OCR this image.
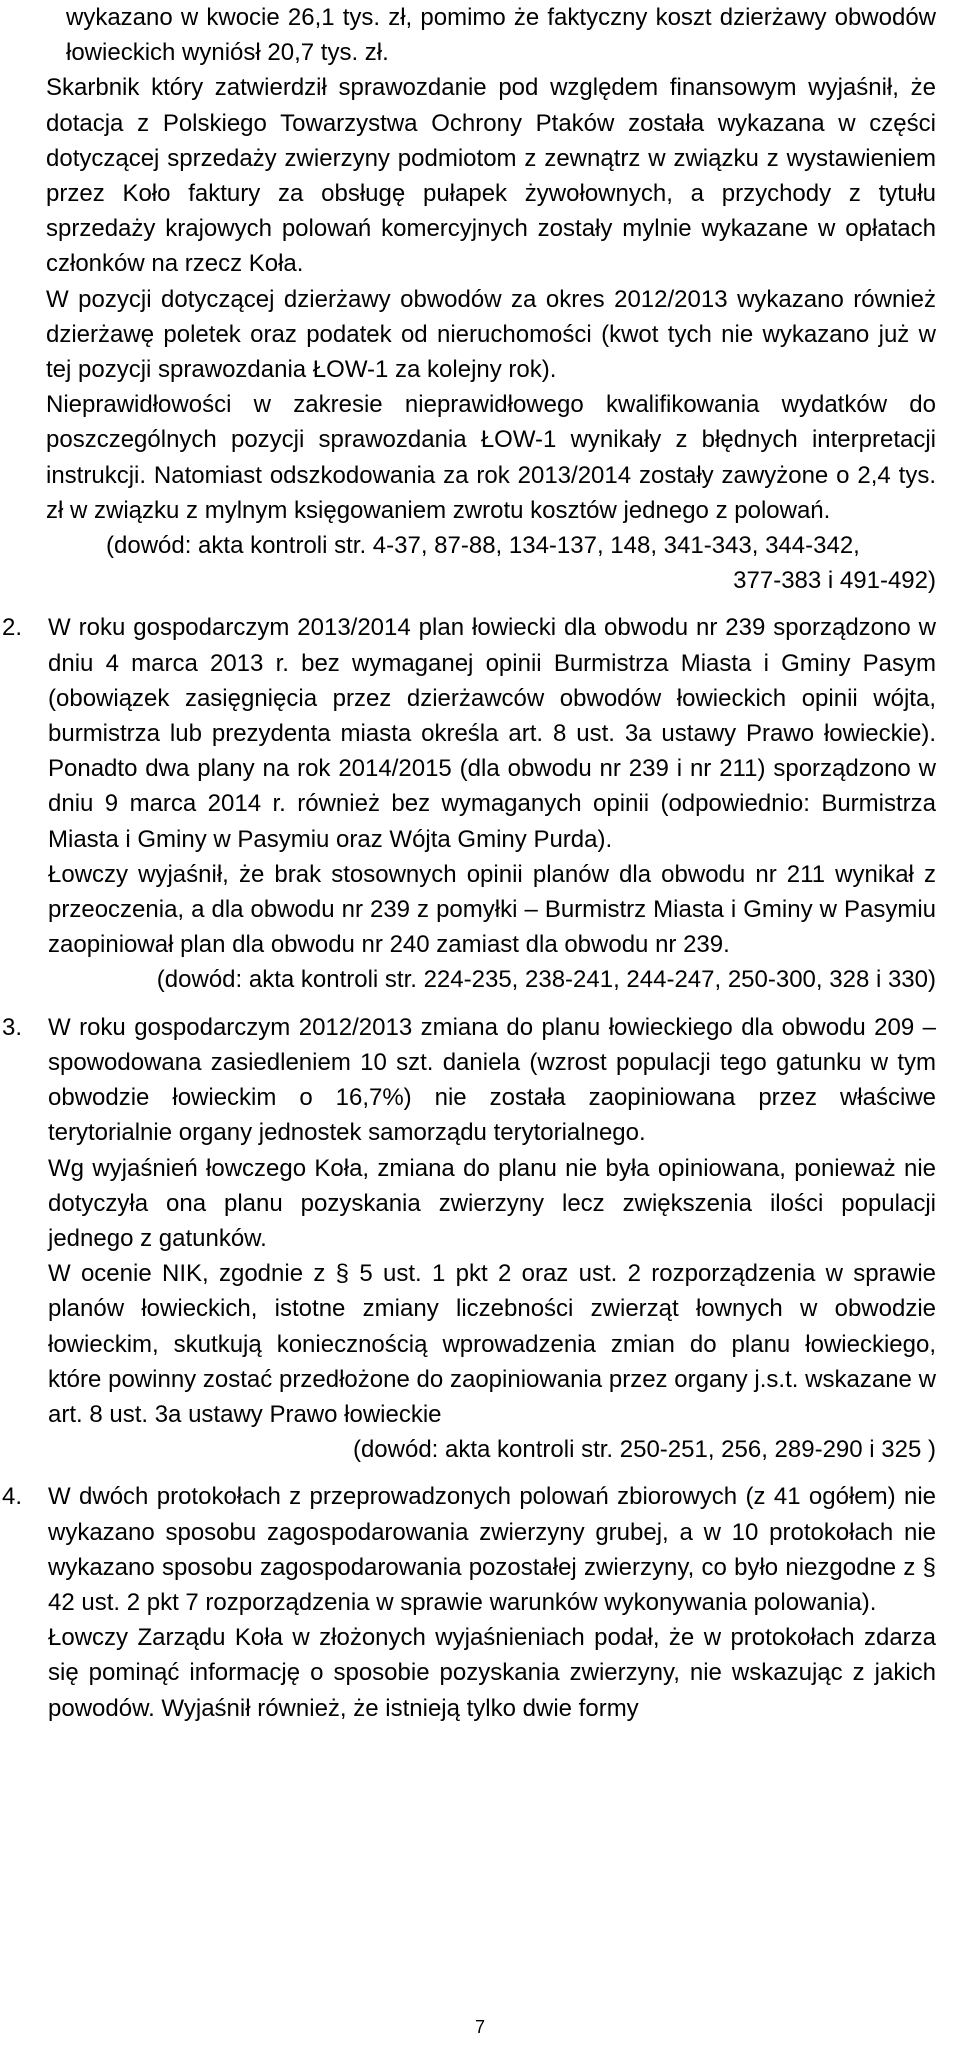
wykazano w kwocie 26,1 tys. zł, pomimo że faktyczny koszt dzierżawy obwodów łowieckich wyniósł 20,7 tys. zł.

Skarbnik który zatwierdził sprawozdanie pod względem finansowym wyjaśnił, że dotacja z Polskiego Towarzystwa Ochrony Ptaków została wykazana w części dotyczącej sprzedaży zwierzyny podmiotom z zewnątrz w związku z wystawieniem przez Koło faktury za obsługę pułapek żywołownych, a przychody z tytułu sprzedaży krajowych polowań komercyjnych zostały mylnie wykazane w opłatach członków na rzecz Koła.

W pozycji dotyczącej dzierżawy obwodów za okres 2012/2013 wykazano również dzierżawę poletek oraz podatek od nieruchomości (kwot tych nie wykazano już w tej pozycji sprawozdania ŁOW-1 za kolejny rok).

Nieprawidłowości w zakresie nieprawidłowego kwalifikowania wydatków do poszczególnych pozycji sprawozdania ŁOW-1 wynikały z błędnych interpretacji instrukcji. Natomiast odszkodowania za rok 2013/2014 zostały zawyżone o 2,4 tys. zł w związku z mylnym księgowaniem zwrotu kosztów jednego z polowań.

(dowód: akta kontroli str. 4-37, 87-88, 134-137, 148, 341-343, 344-342,

377-383 i 491-492)

2. W roku gospodarczym 2013/2014 plan łowiecki dla obwodu nr 239 sporządzono w dniu 4 marca 2013 r. bez wymaganej opinii Burmistrza Miasta i Gminy Pasym (obowiązek zasięgnięcia przez dzierżawców obwodów łowieckich opinii wójta, burmistrza lub prezydenta miasta określa art. 8 ust. 3a ustawy Prawo łowieckie). Ponadto dwa plany na rok 2014/2015 (dla obwodu nr 239 i nr 211) sporządzono w dniu 9 marca 2014 r. również bez wymaganych opinii (odpowiednio: Burmistrza Miasta i Gminy w Pasymiu oraz Wójta Gminy Purda).

Łowczy wyjaśnił, że brak stosownych opinii planów dla obwodu nr 211 wynikał z przeoczenia, a dla obwodu nr 239 z pomyłki – Burmistrz Miasta i Gminy w Pasymiu zaopiniował plan dla obwodu nr 240 zamiast dla obwodu nr 239.

(dowód: akta kontroli str. 224-235, 238-241, 244-247, 250-300, 328 i 330)

3. W roku gospodarczym 2012/2013 zmiana do planu łowieckiego dla obwodu 209 – spowodowana zasiedleniem 10 szt. daniela (wzrost populacji tego gatunku w tym obwodzie łowieckim o 16,7%) nie została zaopiniowana przez właściwe terytorialnie organy jednostek samorządu terytorialnego.

Wg wyjaśnień łowczego Koła, zmiana do planu nie była opiniowana, ponieważ nie dotyczyła ona planu pozyskania zwierzyny lecz zwiększenia ilości populacji jednego z gatunków.

W ocenie NIK, zgodnie z § 5 ust. 1 pkt 2 oraz ust. 2 rozporządzenia w sprawie planów łowieckich, istotne zmiany liczebności zwierząt łownych w obwodzie łowieckim, skutkują koniecznością wprowadzenia zmian do planu łowieckiego, które powinny zostać przedłożone do zaopiniowania przez organy j.s.t. wskazane w art. 8 ust. 3a ustawy Prawo łowieckie

(dowód: akta kontroli str. 250-251, 256, 289-290 i 325 )

4. W dwóch protokołach z przeprowadzonych polowań zbiorowych (z 41 ogółem) nie wykazano sposobu zagospodarowania zwierzyny grubej, a w 10 protokołach nie wykazano sposobu zagospodarowania pozostałej zwierzyny, co było niezgodne z § 42 ust. 2 pkt 7 rozporządzenia w sprawie warunków wykonywania polowania).

Łowczy Zarządu Koła w złożonych wyjaśnieniach podał, że w protokołach zdarza się pominąć informację o sposobie pozyskania zwierzyny, nie wskazując z jakich powodów. Wyjaśnił również, że istnieją tylko dwie formy

7
